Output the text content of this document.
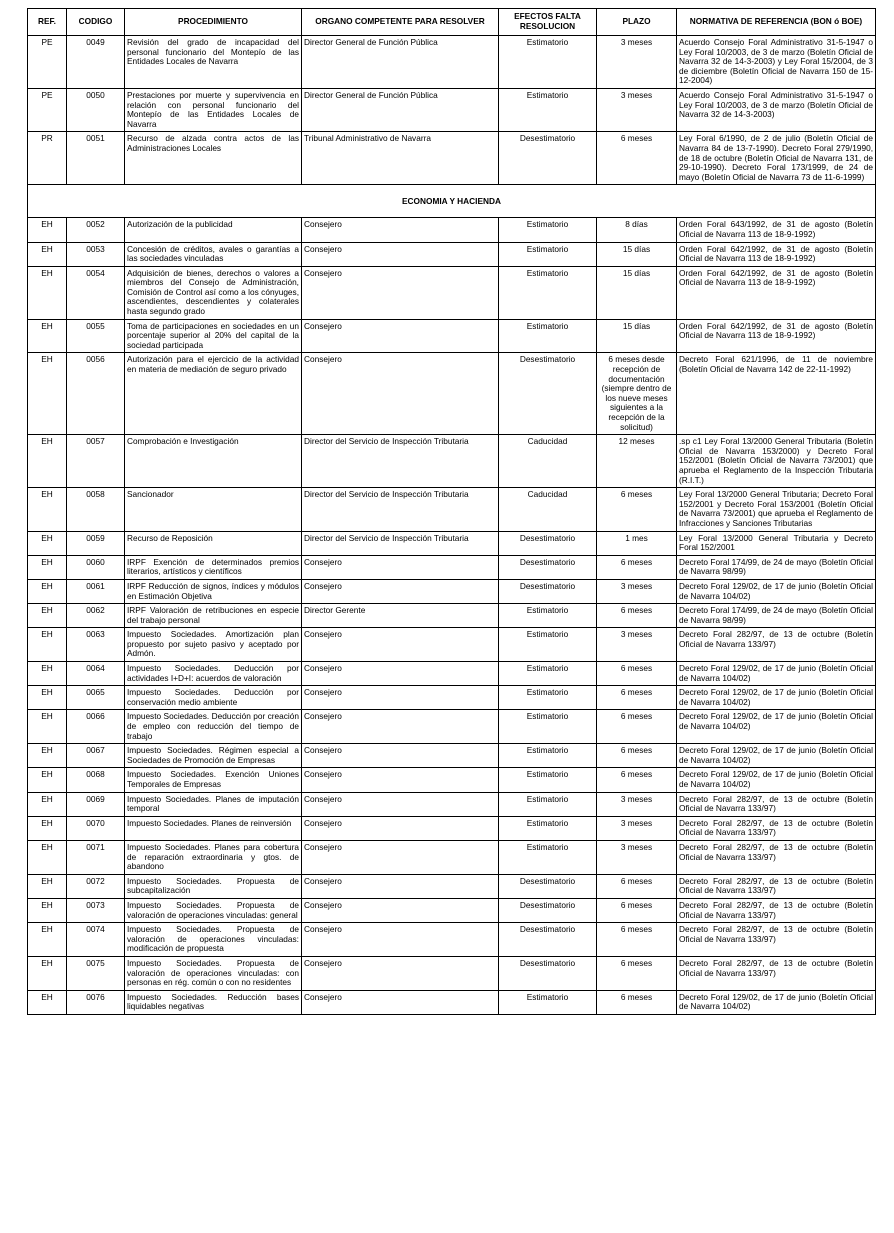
REF.	CODIGO	PROCEDIMIENTO	ORGANO COMPETENTE PARA RESOLVER	EFECTOS FALTA RESOLUCION	PLAZO	NORMATIVA DE REFERENCIA (BON ó BOE)
PE	0049	Revisión del grado de incapacidad del personal funcionario del Montepío de las Entidades Locales de Navarra	Director General de Función Pública	Estimatorio	3 meses	Acuerdo Consejo Foral Administrativo 31-5-1947 o Ley Foral 10/2003, de 3 de marzo (Boletín Oficial de Navarra 32 de 14-3-2003) y Ley Foral 15/2004, de 3 de diciembre (Boletín Oficial de Navarra 150 de 15-12-2004)
PE	0050	Prestaciones por muerte y supervivencia en relación con personal funcionario del Montepío de las Entidades Locales de Navarra	Director General de Función Pública	Estimatorio	3 meses	Acuerdo Consejo Foral Administrativo 31-5-1947 o Ley Foral 10/2003, de 3 de marzo (Boletín Oficial de Navarra 32 de 14-3-2003)
PR	0051	Recurso de alzada contra actos de las Administraciones Locales	Tribunal Administrativo de Navarra	Desestimatorio	6 meses	Ley Foral 6/1990, de 2 de julio (Boletín Oficial de Navarra 84 de 13-7-1990). Decreto Foral 279/1990, de 18 de octubre (Boletín Oficial de Navarra 131, de 29-10-1990). Decreto Foral 173/1999, de 24 de mayo (Boletín Oficial de Navarra 73 de 11-6-1999)
ECONOMIA Y HACIENDA						
EH	0052	Autorización de la publicidad	Consejero	Estimatorio	8 días	Orden Foral 643/1992, de 31 de agosto (Boletín Oficial de Navarra 113 de 18-9-1992)
EH	0053	Concesión de créditos, avales o garantías a las sociedades vinculadas	Consejero	Estimatorio	15 días	Orden Foral 642/1992, de 31 de agosto (Boletín Oficial de Navarra 113 de 18-9-1992)
EH	0054	Adquisición de bienes, derechos o valores a miembros del Consejo de Administración, Comisión de Control así como a los cónyuges, ascendientes, descendientes y colaterales hasta segundo grado	Consejero	Estimatorio	15 días	Orden Foral 642/1992, de 31 de agosto (Boletín Oficial de Navarra 113 de 18-9-1992)
EH	0055	Toma de participaciones en sociedades en un porcentaje superior al 20% del capital de la sociedad participada	Consejero	Estimatorio	15 días	Orden Foral 642/1992, de 31 de agosto (Boletín Oficial de Navarra 113 de 18-9-1992)
EH	0056	Autorización para el ejercicio de la actividad en materia de mediación de seguro privado	Consejero	Desestimatorio	6 meses desde recepción de documentación (siempre dentro de los nueve meses siguientes a la recepción de la solicitud)	Decreto Foral 621/1996, de 11 de noviembre (Boletín Oficial de Navarra 142 de 22-11-1992)
EH	0057	Comprobación e Investigación	Director del Servicio de Inspección Tributaria	Caducidad	12 meses	.sp c1 Ley Foral 13/2000 General Tributaria (Boletín Oficial de Navarra 153/2000) y Decreto Foral 152/2001 (Boletín Oficial de Navarra 73/2001) que aprueba el Reglamento de la Inspección Tributaria (R.I.T.)
EH	0058	Sancionador	Director del Servicio de Inspección Tributaria	Caducidad	6 meses	Ley Foral 13/2000 General Tributaria; Decreto Foral 152/2001 y Decreto Foral 153/2001 (Boletín Oficial de Navarra 73/2001) que aprueba el Reglamento de Infracciones y Sanciones Tributarias
EH	0059	Recurso de Reposición	Director del Servicio de Inspección Tributaria	Desestimatorio	1 mes	Ley Foral 13/2000 General Tributaria y Decreto Foral 152/2001
EH	0060	IRPF Exención de determinados premios literarios, artísticos y científicos	Consejero	Desestimatorio	6 meses	Decreto Foral 174/99, de 24 de mayo (Boletín Oficial de Navarra 98/99)
EH	0061	IRPF Reducción de signos, índices y módulos en Estimación Objetiva	Consejero	Desestimatorio	3 meses	Decreto Foral 129/02, de 17 de junio (Boletín Oficial de Navarra 104/02)
EH	0062	IRPF Valoración de retribuciones en especie del trabajo personal	Director Gerente	Estimatorio	6 meses	Decreto Foral 174/99, de 24 de mayo (Boletín Oficial de Navarra 98/99)
EH	0063	Impuesto Sociedades. Amortización plan propuesto por sujeto pasivo y aceptado por Admón.	Consejero	Estimatorio	3 meses	Decreto Foral 282/97, de 13 de octubre (Boletín Oficial de Navarra 133/97)
EH	0064	Impuesto Sociedades. Deducción por actividades I+D+I: acuerdos de valoración	Consejero	Estimatorio	6 meses	Decreto Foral 129/02, de 17 de junio (Boletín Oficial de Navarra 104/02)
EH	0065	Impuesto Sociedades. Deducción por conservación medio ambiente	Consejero	Estimatorio	6 meses	Decreto Foral 129/02, de 17 de junio (Boletín Oficial de Navarra 104/02)
EH	0066	Impuesto Sociedades. Deducción por creación de empleo con reducción del tiempo de trabajo	Consejero	Estimatorio	6 meses	Decreto Foral 129/02, de 17 de junio (Boletín Oficial de Navarra 104/02)
EH	0067	Impuesto Sociedades. Régimen especial a Sociedades de Promoción de Empresas	Consejero	Estimatorio	6 meses	Decreto Foral 129/02, de 17 de junio (Boletín Oficial de Navarra 104/02)
EH	0068	Impuesto Sociedades. Exención Uniones Temporales de Empresas	Consejero	Estimatorio	6 meses	Decreto Foral 129/02, de 17 de junio (Boletín Oficial de Navarra 104/02)
EH	0069	Impuesto Sociedades. Planes de imputación temporal	Consejero	Estimatorio	3 meses	Decreto Foral 282/97, de 13 de octubre (Boletín Oficial de Navarra 133/97)
EH	0070	Impuesto Sociedades. Planes de reinversión	Consejero	Estimatorio	3 meses	Decreto Foral 282/97, de 13 de octubre (Boletín Oficial de Navarra 133/97)
EH	0071	Impuesto Sociedades. Planes para cobertura de reparación extraordinaria y gtos. de abandono	Consejero	Estimatorio	3 meses	Decreto Foral 282/97, de 13 de octubre (Boletín Oficial de Navarra 133/97)
EH	0072	Impuesto Sociedades. Propuesta de subcapitalización	Consejero	Desestimatorio	6 meses	Decreto Foral 282/97, de 13 de octubre (Boletín Oficial de Navarra 133/97)
EH	0073	Impuesto Sociedades. Propuesta de valoración de operaciones vinculadas: general	Consejero	Desestimatorio	6 meses	Decreto Foral 282/97, de 13 de octubre (Boletín Oficial de Navarra 133/97)
EH	0074	Impuesto Sociedades. Propuesta de valoración de operaciones vinculadas: modificación de propuesta	Consejero	Desestimatorio	6 meses	Decreto Foral 282/97, de 13 de octubre (Boletín Oficial de Navarra 133/97)
EH	0075	Impuesto Sociedades. Propuesta de valoración de operaciones vinculadas: con personas en rég. común o con no residentes	Consejero	Desestimatorio	6 meses	Decreto Foral 282/97, de 13 de octubre (Boletín Oficial de Navarra 133/97)
EH	0076	Impuesto Sociedades. Reducción bases liquidables negativas	Consejero	Estimatorio	6 meses	Decreto Foral 129/02, de 17 de junio (Boletín Oficial de Navarra 104/02)
